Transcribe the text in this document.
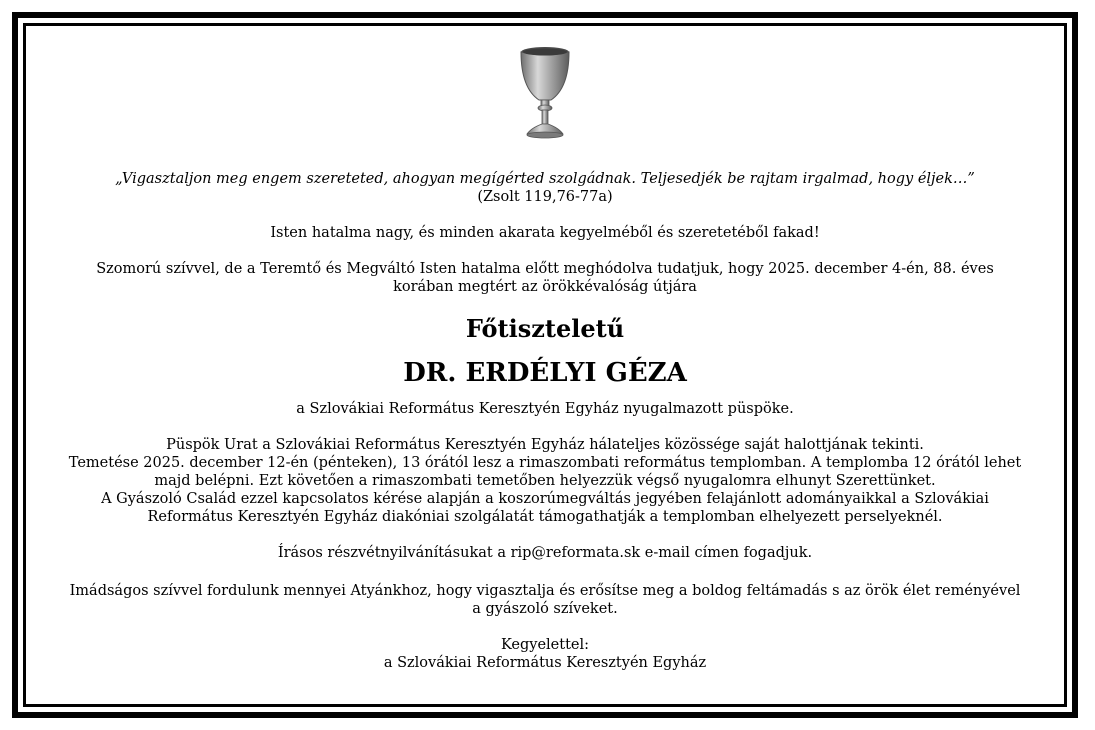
„Vigasztaljon meg engem szereteted, ahogyan megígérted szolgádnak. Teljesedjék be rajtam irgalmad, hogy éljek…”
(Zsolt 119,76-77a)
Isten hatalma nagy, és minden akarata kegyelméből és szeretetéből fakad!
Szomorú szívvel, de a Teremtő és Megváltó Isten hatalma előtt meghódolva tudatjuk, hogy 2025. december 4-én, 88. éves korában megtért az örökkévalóság útjára
Főtiszteletű
DR. ERDÉLYI GÉZA
a Szlovákiai Református Keresztyén Egyház nyugalmazott püspöke.
Püspök Urat a Szlovákiai Református Keresztyén Egyház hálatelјes közössége saját halottjának tekinti.
Temetése 2025. december 12-én (pénteken), 13 órától lesz a rimaszombati református templomban. A templomba 12 órától lehet majd belépni. Ezt követően a rimaszombati temetőben helyezzük végső nyugalomra elhunyt Szerettünket.
A Gyászoló Család ezzel kapcsolatos kérése alapján a koszorúmegváltás jegyében felajánlott adományaikkal a Szlovákiai Református Keresztyén Egyház diakóniai szolgálatát támogathatják a templomban elhelyezett perselyeknél.
Írásos részvétnyilvánításukat a rip@reformata.sk e-mail címen fogadjuk.
Imádságos szívvel fordulunk mennyei Atyánkhoz, hogy vigasztalja és erősítse meg a boldog feltámadás s az örök élet reményével a gyászoló szíveket.
Kegyelettel:
a Szlovákiai Református Keresztyén Egyház
